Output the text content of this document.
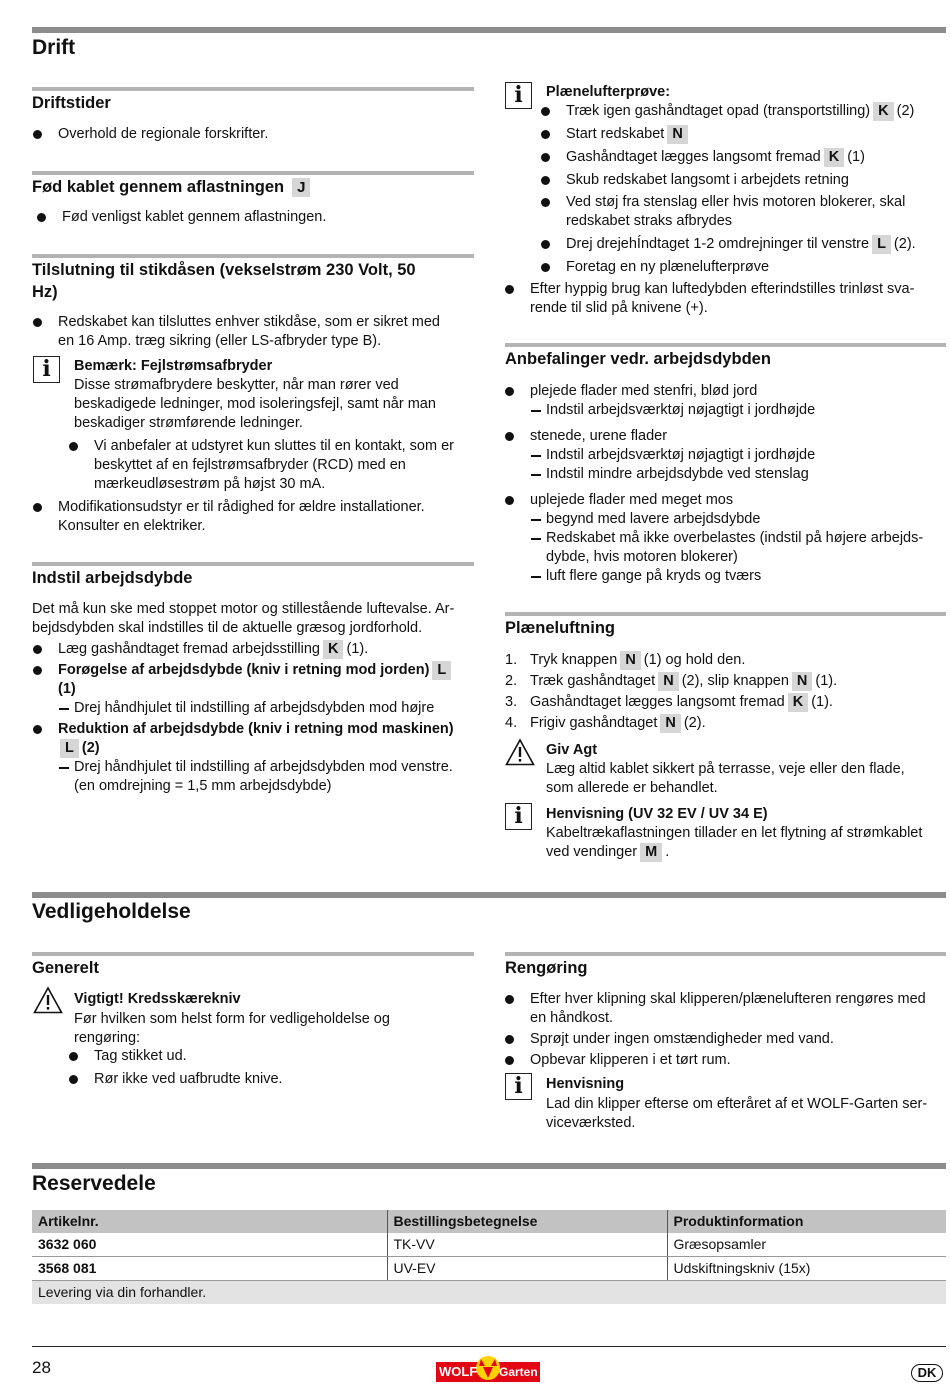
Drift
Driftstider
Overhold de regionale forskrifter.
Fød kablet gennem aflastningen J
Fød venligst kablet gennem aflastningen.
Tilslutning til stikdåsen (vekselstrøm 230 Volt, 50
Hz)
Redskabet kan tilsluttes enhver stikdåse, som er sikret med
en 16 Amp. træg sikring (eller LS-afbryder type B).
i	Bemærk: Fejlstrømsafbryder
Disse strømafbrydere beskytter, når man rører ved
beskadigede ledninger, mod isoleringsfejl, samt når man
beskadiger strømførende ledninger.
Vi anbefaler at udstyret kun sluttes til en kontakt, som er
beskyttet af en fejlstrømsafbryder (RCD) med en
mærkeudløsestrøm på højst 30 mA.
Modifikationsudstyr er til rådighed for ældre installationer.
Konsulter en elektriker.
Indstil arbejdsdybde
Det må kun ske med stoppet motor og stillestående luftevalse. Ar-
bejdsdybden skal indstilles til de aktuelle græsog jordforhold.
Læg gashåndtaget fremad arbejdsstilling K (1).
Forøgelse af arbejdsdybde (kniv i retning mod jorden) L
(1)
Drej håndhjulet til indstilling af arbejdsdybden mod højre
Reduktion af arbejdsdybde (kniv i retning mod maskinen)
L (2)
Drej håndhjulet til indstilling af arbejdsdybden mod venstre.
(en omdrejning = 1,5 mm arbejdsdybde)
i	Plænelufterprøve:
Træk igen gashåndtaget opad (transportstilling) K (2)
Start redskabet N
Gashåndtaget lægges langsomt fremad K (1)
Skub redskabet langsomt i arbejdets retning
Ved støj fra stenslag eller hvis motoren blokerer, skal
redskabet straks afbrydes
Drej drejehÍndtaget 1-2 omdrejninger til venstre L (2).
Foretag en ny plænelufterprøve
Efter hyppig brug kan luftedybden efterindstilles trinløst sva-
rende til slid på knivene (+).
Anbefalinger vedr. arbejdsdybden
plejede flader med stenfri, blød jord
Indstil arbejdsværktøj nøjagtigt i jordhøjde
stenede, urene flader
Indstil arbejdsværktøj nøjagtigt i jordhøjde
Indstil mindre arbejdsdybde ved stenslag
uplejede flader med meget mos
begynd med lavere arbejdsdybde
Redskabet må ikke overbelastes (indstil på højere arbejds-
dybde, hvis motoren blokerer)
luft flere gange på kryds og tværs
Plæneluftning
1. Tryk knappen N (1) og hold den.
2. Træk gashåndtaget N (2), slip knappen N (1).
3. Gashåndtaget lægges langsomt fremad K (1).
4. Frigiv gashåndtaget N (2).
Giv Agt
Læg altid kablet sikkert på terrasse, veje eller den flade,
som allerede er behandlet.
i	Henvisning (UV 32 EV / UV 34 E)
Kabeltrækaflastningen tillader en let flytning af strømkablet
ved vendinger M .
Vedligeholdelse
Generelt
Vigtigt! Kredsskærekniv
Før hvilken som helst form for vedligeholdelse og
rengøring:
Tag stikket ud.
Rør ikke ved uafbrudte knive.
Rengøring
Efter hver klipning skal klipperen/plænelufteren rengøres med
en håndkost.
Sprøjt under ingen omstændigheder med vand.
Opbevar klipperen i et tørt rum.
i	Henvisning
Lad din klipper efterse om efteråret af et WOLF-Garten ser-
viceværksted.
Reservedele
Artikelnr.	Bestillingsbetegnelse	Produktinformation
3632 060	TK-VV	Græsopsamler
3568 081	UV-EV	Udskiftningskniv (15x)
Levering via din forhandler.		
28	WOLF Garten	DK
